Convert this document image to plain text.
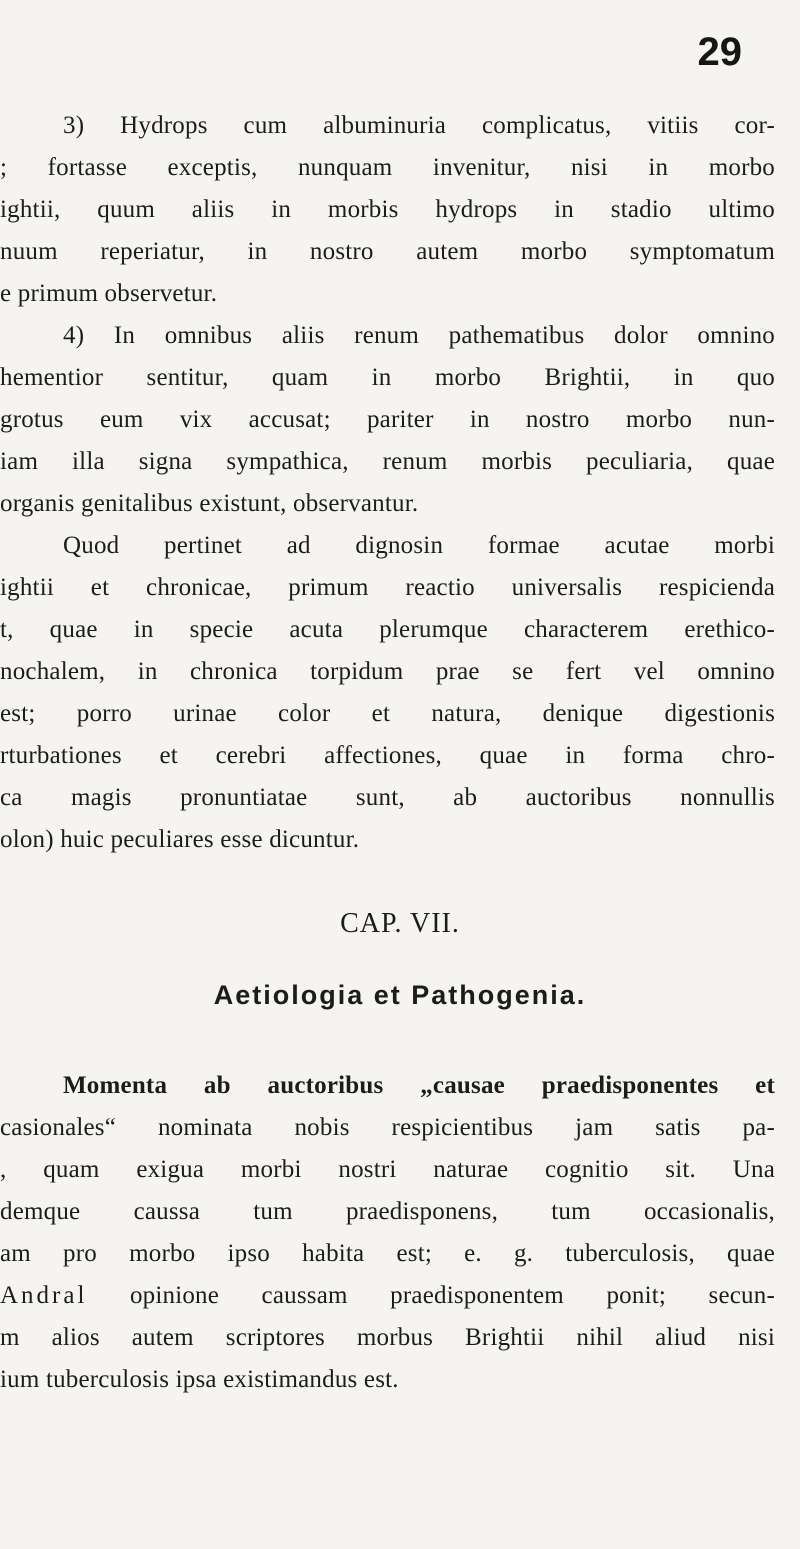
29
3) Hydrops cum albuminuria complicatus, vitiis cor-
; fortasse exceptis, nunquam invenitur, nisi in morbo
ightii, quum aliis in morbis hydrops in stadio ultimo
nuum reperiatur, in nostro autem morbo symptomatum
e primum observetur.
4) In omnibus aliis renum pathematibus dolor omnino
hementior sentitur, quam in morbo Brightii, in quo
grotus eum vix accusat; pariter in nostro morbo nun-
iam illa signa sympathica, renum morbis peculiaria, quae
organis genitalibus existunt, observantur.
Quod pertinet ad dignosin formae acutae morbi
ightii et chronicae, primum reactio universalis respicienda
t, quae in specie acuta plerumque characterem erethico-
nochalem, in chronica torpidum prae se fert vel omnino
est; porro urinae color et natura, denique digestionis
rturbationes et cerebri affectiones, quae in forma chro-
ca magis pronuntiatae sunt, ab auctoribus nonnullis
olon) huic peculiares esse dicuntur.
CAP. VII.
Aetiologia et Pathogenia.
Momenta ab auctoribus „causae praedisponentes et
casionales“ nominata nobis respicientibus jam satis pa-
, quam exigua morbi nostri naturae cognitio sit. Una
demque caussa tum praedisponens, tum occasionalis,
am pro morbo ipso habita est; e. g. tuberculosis, quae
Andral opinione caussam praedisponentem ponit; secun-
m alios autem scriptores morbus Brightii nihil aliud nisi
ium tuberculosis ipsa existimandus est.
